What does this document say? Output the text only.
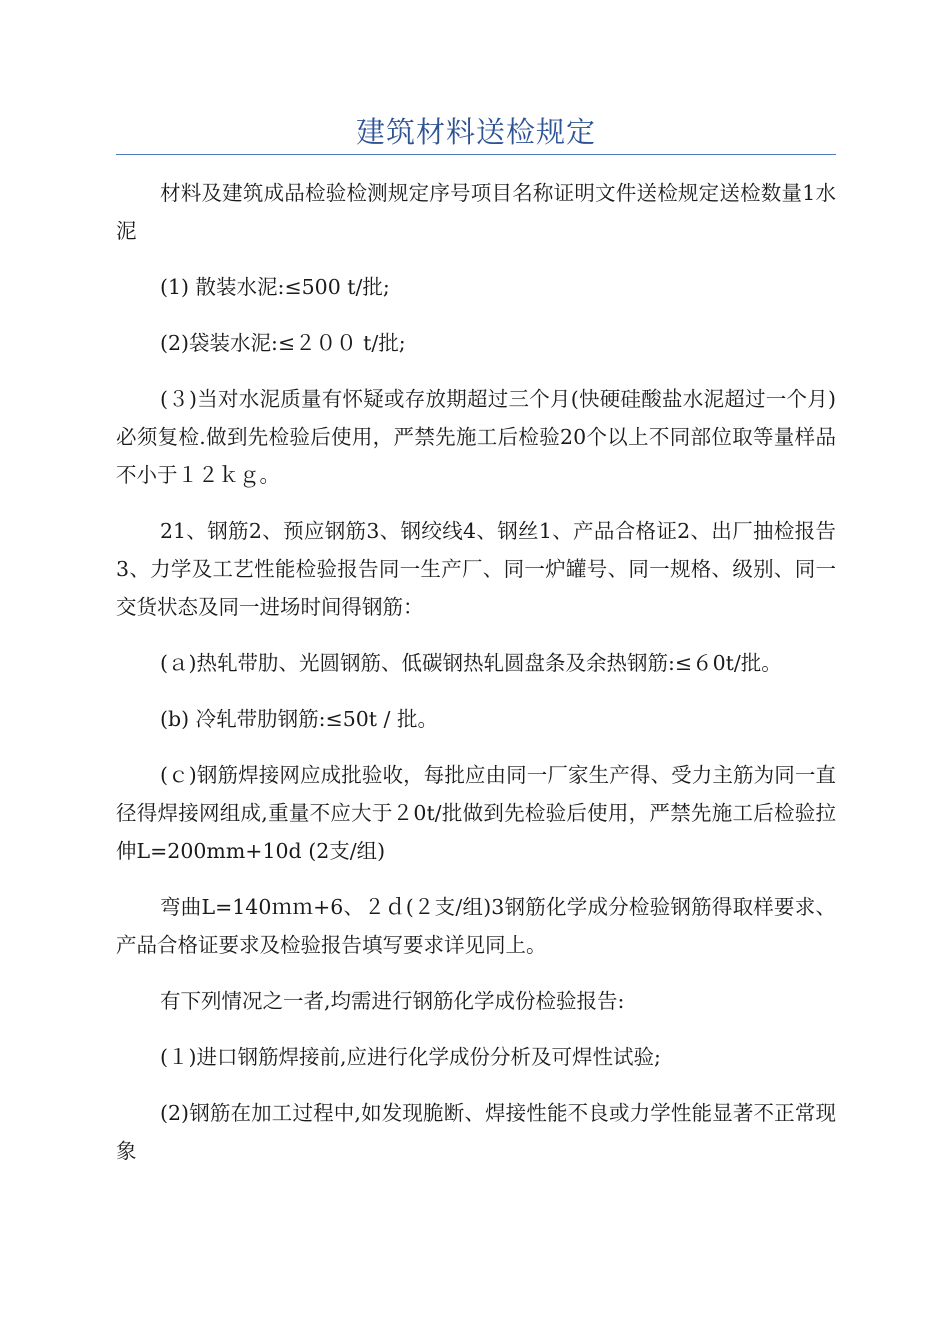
建筑材料送检规定

材料及建筑成品检验检测规定序号项目名称证明文件送检规定送检数量1水泥

(1) 散装水泥:≤500 t/批;

(2)袋装水泥:≤２００ t/批;

(３)当对水泥质量有怀疑或存放期超过三个月(快硬硅酸盐水泥超过一个月)必须复检.做到先检验后使用，严禁先施工后检验20个以上不同部位取等量样品不小于１２ｋｇ。

21、钢筋2、预应钢筋3、钢绞线4、钢丝1、产品合格证2、出厂抽检报告3、力学及工艺性能检验报告同一生产厂、同一炉罐号、同一规格、级别、同一交货状态及同一进场时间得钢筋：

(ａ)热轧带肋、光圆钢筋、低碳钢热轧圆盘条及余热钢筋:≤６0t/批。

(b) 冷轧带肋钢筋:≤50t / 批。

(ｃ)钢筋焊接网应成批验收，每批应由同一厂家生产得、受力主筋为同一直径得焊接网组成,重量不应大于２0t/批做到先检验后使用，严禁先施工后检验拉伸L=200mm+10d (2支/组)

弯曲L=140ｍｍ+6、２ｄ(２支/组)3钢筋化学成分检验钢筋得取样要求、产品合格证要求及检验报告填写要求详见同上。

有下列情况之一者,均需进行钢筋化学成份检验报告:

(１)进口钢筋焊接前,应进行化学成份分析及可焊性试验;

(2)钢筋在加工过程中,如发现脆断、焊接性能不良或力学性能显著不正常现象
